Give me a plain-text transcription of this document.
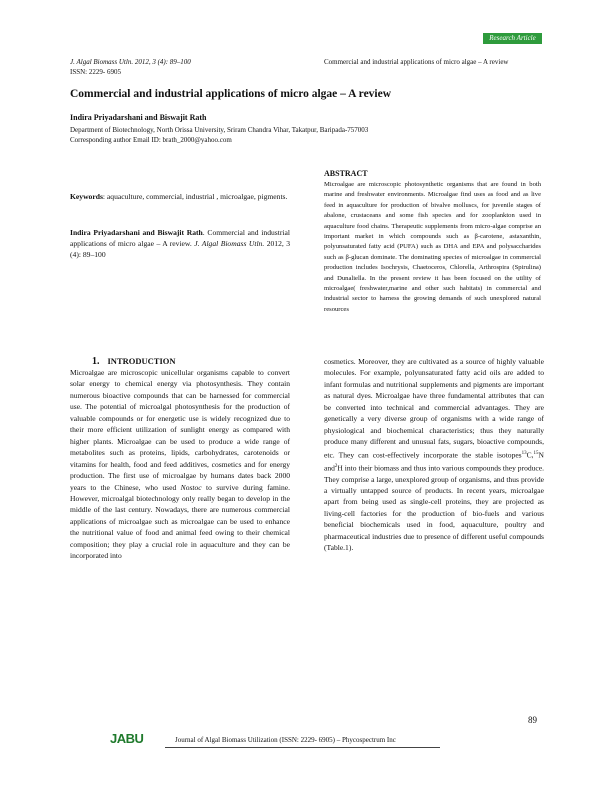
Research Article
J. Algal Biomass Utln. 2012, 3 (4): 89–100
ISSN: 2229- 6905
Commercial and industrial applications of micro algae – A review
Commercial and industrial applications of micro algae – A review
Indira Priyadarshani and Biswajit Rath
Department of Biotechnology, North Orissa University, Sriram Chandra Vihar, Takatpur, Baripada-757003
Corresponding author Email ID: brath_2000@yahoo.com
ABSTRACT
Microalgae are microscopic photosynthetic organisms that are found in both marine and freshwater environments. Microalgae find uses as food and as live feed in aquaculture for production of bivalve molluscs, for juvenile stages of abalone, crustaceans and some fish species and for zooplankton used in aquaculture food chains. Therapeutic supplements from micro-algae comprise an important market in which compounds such as β-carotene, astaxanthin, polyunsaturated fatty acid (PUFA) such as DHA and EPA and polysaccharides such as β-glucan dominate. The dominating species of microalgae in commercial production includes Isochrysis, Chaetoceros, Chlorella, Arthrospira (Spirulina) and Dunaliella. In the present review it has been focused on the utility of microalgae( freshwater,marine and other such habitats) in commercial and industrial sector to harness the growing demands of such unexplored natural resources
Keywords: aquaculture, commercial, industrial , microalgae, pigments.
Indira Priyadarshani and Biswajit Rath. Commercial and industrial applications of micro algae – A review. J. Algal Biomass Utln. 2012, 3 (4): 89–100
1. INTRODUCTION
Microalgae are microscopic unicellular organisms capable to convert solar energy to chemical energy via photosynthesis. They contain numerous bioactive compounds that can be harnessed for commercial use. The potential of microalgal photosynthesis for the production of valuable compounds or for energetic use is widely recognized due to their more efficient utilization of sunlight energy as compared with higher plants. Microalgae can be used to produce a wide range of metabolites such as proteins, lipids, carbohydrates, carotenoids or vitamins for health, food and feed additives, cosmetics and for energy production. The first use of microalgae by humans dates back 2000 years to the Chinese, who used Nostoc to survive during famine. However, microalgal biotechnology only really began to develop in the middle of the last century. Nowadays, there are numerous commercial applications of microalgae such as microalgae can be used to enhance the nutritional value of food and animal feed owing to their chemical composition; they play a crucial role in aquaculture and they can be incorporated into
cosmetics. Moreover, they are cultivated as a source of highly valuable molecules. For example, polyunsaturated fatty acid oils are added to infant formulas and nutritional supplements and pigments are important as natural dyes. Microalgae have three fundamental attributes that can be converted into technical and commercial advantages. They are genetically a very diverse group of organisms with a wide range of physiological and biochemical characteristics; thus they naturally produce many different and unusual fats, sugars, bioactive compounds, etc. They can cost-effectively incorporate the stable isotopes$^{13}$C,$^{15}$N and$^2$H into their biomass and thus into various compounds they produce. They comprise a large, unexplored group of organisms, and thus provide a virtually untapped source of products. In recent years, microalgae apart from being used as single-cell proteins, they are projected as living-cell factories for the production of bio-fuels and various beneficial biochemicals used in food, aquaculture, poultry and pharmaceutical industries due to presence of different useful compounds (Table.1).
89
JABU	Journal of Algal Biomass Utilization (ISSN: 2229- 6905) – Phycospectrum Inc
